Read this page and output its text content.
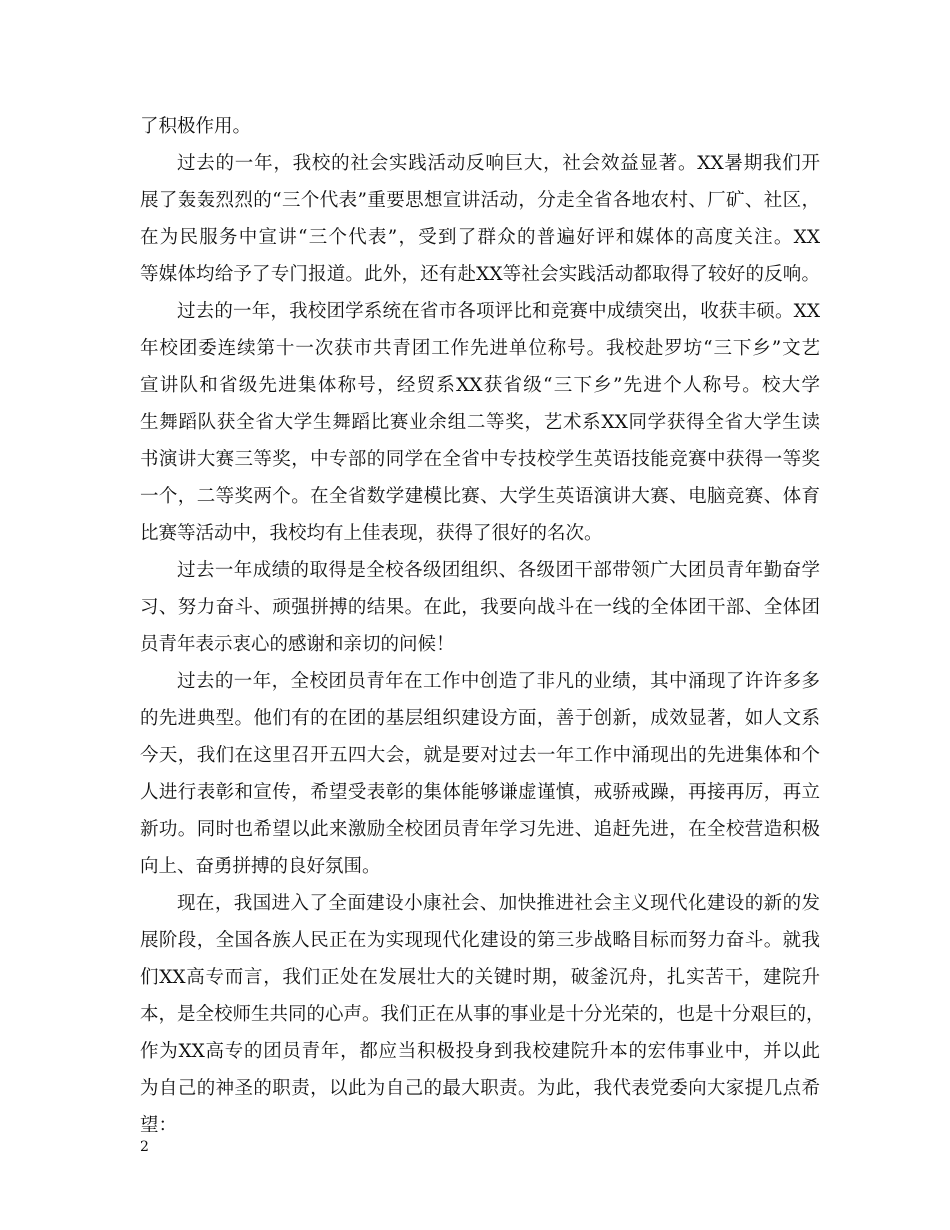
了积极作用。
过去的一年，我校的社会实践活动反响巨大，社会效益显著。XX暑期我们开
展了轰轰烈烈的“三个代表”重要思想宣讲活动，分走全省各地农村、厂矿、社区，
在为民服务中宣讲“三个代表”，受到了群众的普遍好评和媒体的高度关注。XX
等媒体均给予了专门报道。此外，还有赴XX等社会实践活动都取得了较好的反响。
过去的一年，我校团学系统在省市各项评比和竞赛中成绩突出，收获丰硕。XX
年校团委连续第十一次获市共青团工作先进单位称号。我校赴罗坊“三下乡”文艺
宣讲队和省级先进集体称号，经贸系XX获省级“三下乡”先进个人称号。校大学
生舞蹈队获全省大学生舞蹈比赛业余组二等奖，艺术系XX同学获得全省大学生读
书演讲大赛三等奖，中专部的同学在全省中专技校学生英语技能竞赛中获得一等奖
一个，二等奖两个。在全省数学建模比赛、大学生英语演讲大赛、电脑竞赛、体育
比赛等活动中，我校均有上佳表现，获得了很好的名次。
过去一年成绩的取得是全校各级团组织、各级团干部带领广大团员青年勤奋学
习、努力奋斗、顽强拼搏的结果。在此，我要向战斗在一线的全体团干部、全体团
员青年表示衷心的感谢和亲切的问候！
过去的一年，全校团员青年在工作中创造了非凡的业绩，其中涌现了许许多多
的先进典型。他们有的在团的基层组织建设方面，善于创新，成效显著，如人文系
今天，我们在这里召开五四大会，就是要对过去一年工作中涌现出的先进集体和个
人进行表彰和宣传，希望受表彰的集体能够谦虚谨慎，戒骄戒躁，再接再厉，再立
新功。同时也希望以此来激励全校团员青年学习先进、追赶先进，在全校营造积极
向上、奋勇拼搏的良好氛围。
现在，我国进入了全面建设小康社会、加快推进社会主义现代化建设的新的发
展阶段，全国各族人民正在为实现现代化建设的第三步战略目标而努力奋斗。就我
们XX高专而言，我们正处在发展壮大的关键时期，破釜沉舟，扎实苦干，建院升
本，是全校师生共同的心声。我们正在从事的事业是十分光荣的，也是十分艰巨的，
作为XX高专的团员青年，都应当积极投身到我校建院升本的宏伟事业中，并以此
为自己的神圣的职责，以此为自己的最大职责。为此，我代表党委向大家提几点希
望：
2
